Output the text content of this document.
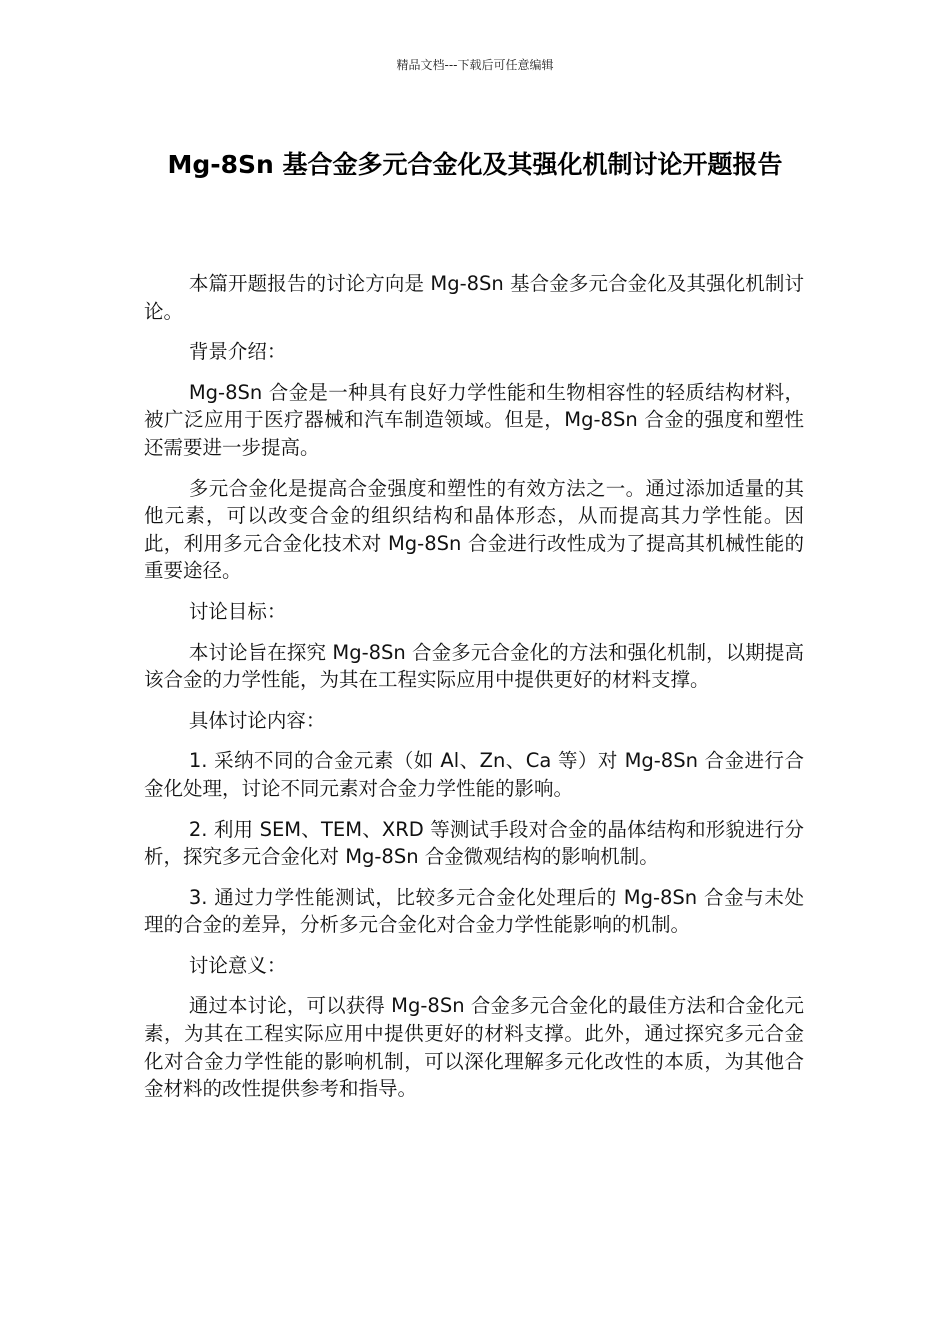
精品文档---下载后可任意编辑
Mg-8Sn 基合金多元合金化及其强化机制讨论开题报告

本篇开题报告的讨论方向是 Mg-8Sn 基合金多元合金化及其强化机制讨论。

背景介绍：

Mg-8Sn 合金是一种具有良好力学性能和生物相容性的轻质结构材料，被广泛应用于医疗器械和汽车制造领域。但是，Mg-8Sn 合金的强度和塑性还需要进一步提高。

多元合金化是提高合金强度和塑性的有效方法之一。通过添加适量的其他元素，可以改变合金的组织结构和晶体形态，从而提高其力学性能。因此，利用多元合金化技术对 Mg-8Sn 合金进行改性成为了提高其机械性能的重要途径。

讨论目标：

本讨论旨在探究 Mg-8Sn 合金多元合金化的方法和强化机制，以期提高该合金的力学性能，为其在工程实际应用中提供更好的材料支撑。

具体讨论内容：

1. 采纳不同的合金元素（如 Al、Zn、Ca 等）对 Mg-8Sn 合金进行合金化处理，讨论不同元素对合金力学性能的影响。

2. 利用 SEM、TEM、XRD 等测试手段对合金的晶体结构和形貌进行分析，探究多元合金化对 Mg-8Sn 合金微观结构的影响机制。

3. 通过力学性能测试，比较多元合金化处理后的 Mg-8Sn 合金与未处理的合金的差异，分析多元合金化对合金力学性能影响的机制。

讨论意义：

通过本讨论，可以获得 Mg-8Sn 合金多元合金化的最佳方法和合金化元素，为其在工程实际应用中提供更好的材料支撑。此外，通过探究多元合金化对合金力学性能的影响机制，可以深化理解多元化改性的本质，为其他合金材料的改性提供参考和指导。
